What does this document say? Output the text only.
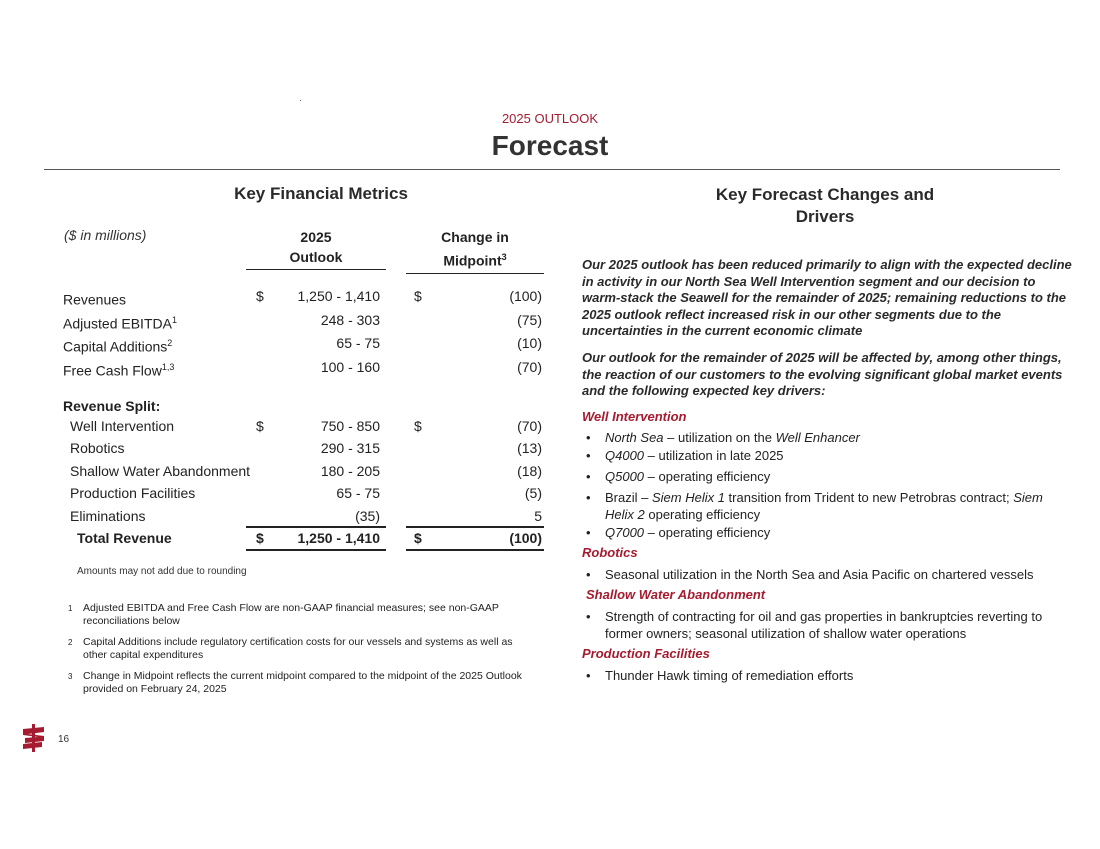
2025 OUTLOOK
Forecast
Key Financial Metrics
($ in millions)	2025
Outlook
Change in
Midpoint$^3$
Revenues	$ 1,250 - 1,410 $	(100)
Adjusted EBITDA$^1$	248 - 303	(75)
Capital Additions$^2$	65 - 75	(10)
Free Cash Flow$^{1,3}$	100 - 160	(70)
Revenue Split:
Well Intervention	$	750 - 850 $	(70)
Robotics	290 - 315	(13)
Shallow Water Abandonment	180 - 205	(18)
Production Facilities	65 - 75	(5)
Eliminations	(35)	5
Total Revenue	$ 1,250 - 1,410 $	(100)
Amounts may not add due to rounding
1 Adjusted EBITDA and Free Cash Flow are non-GAAP financial measures; see non-GAAP reconciliations below
2 Capital Additions include regulatory certification costs for our vessels and systems as well as other capital expenditures
3 Change in Midpoint reflects the current midpoint compared to the midpoint of the 2025 Outlook provided on February 24, 2025
Key Forecast Changes and
Drivers
Our 2025 outlook has been reduced primarily to align with the expected decline in activity in our North Sea Well Intervention segment and our decision to warm-stack the Seawell for the remainder of 2025; remaining reductions to the 2025 outlook reflect increased risk in our other segments due to the uncertainties in the current economic climate
Our outlook for the remainder of 2025 will be affected by, among other things, the reaction of our customers to the evolving significant global market events and the following expected key drivers:
Well Intervention
• North Sea – utilization on the Well Enhancer
• Q4000 – utilization in late 2025
• Q5000 – operating efficiency
• Brazil – Siem Helix 1 transition from Trident to new Petrobras contract; Siem Helix 2 operating efficiency
• Q7000 – operating efficiency
Robotics
• Seasonal utilization in the North Sea and Asia Pacific on chartered vessels
Shallow Water Abandonment
• Strength of contracting for oil and gas properties in bankruptcies reverting to former owners; seasonal utilization of shallow water operations
Production Facilities
• Thunder Hawk timing of remediation efforts
16
